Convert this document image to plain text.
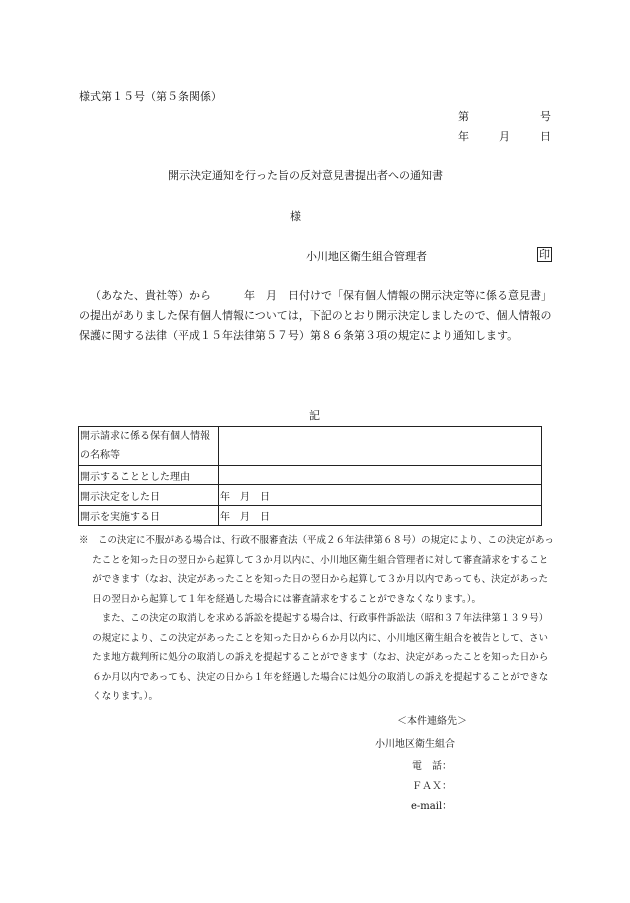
様式第１５号（第５条関係）
第	号
年	月	日
開示決定通知を行った旨の反対意見書提出者への通知書
様
小川地区衛生組合管理者	印

（あなた、貴社等）から　　　年　月　日付けで「保有個人情報の開示決定等に係る意見書」の提出がありました保有個人情報については，下記のとおり開示決定しましたので、個人情報の保護に関する法律（平成１５年法律第５７号）第８６条第３項の規定により通知します。

記
開示請求に係る保有個人情報の名称等	
開示することとした理由	
開示決定をした日	年　月　日
開示を実施する日	年　月　日

※　この決定に不服がある場合は、行政不服審査法（平成２６年法律第６８号）の規定により、この決定があったことを知った日の翌日から起算して３か月以内に、小川地区衛生組合管理者に対して審査請求をすることができます（なお、決定があったことを知った日の翌日から起算して３か月以内であっても、決定があった日の翌日から起算して１年を経過した場合には審査請求をすることができなくなります。）。

また、この決定の取消しを求める訴訟を提起する場合は、行政事件訴訟法（昭和３７年法律第１３９号）の規定により、この決定があったことを知った日から６か月以内に、小川地区衛生組合を被告として、さいたま地方裁判所に処分の取消しの訴えを提起することができます（なお、決定があったことを知った日から６か月以内であっても、決定の日から１年を経過した場合には処分の取消しの訴えを提起することができなくなります。）。

＜本件連絡先＞
小川地区衛生組合
電　話：
ＦＡＸ：
e-mail：
